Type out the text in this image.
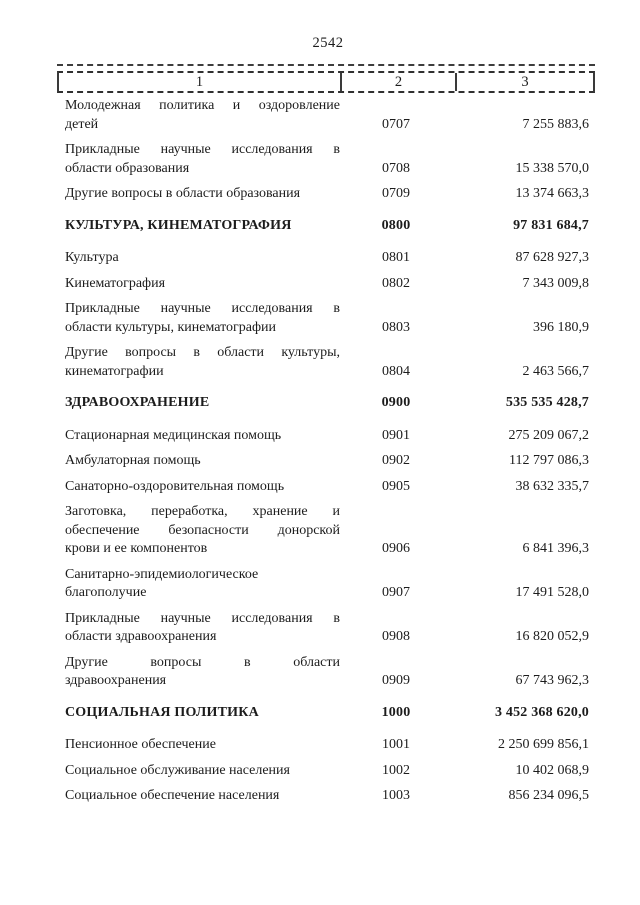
2542
1	2	3
Молодежная политика и оздоровление
детей	0707	7 255 883,6
Прикладные научные исследования в
области образования	0708	15 338 570,0
Другие вопросы в области образования	0709	13 374 663,3
КУЛЬТУРА, КИНЕМАТОГРАФИЯ	0800	97 831 684,7
Культура	0801	87 628 927,3
Кинематография	0802	7 343 009,8
Прикладные научные исследования в
области культуры, кинематографии	0803	396 180,9
Другие вопросы в области культуры,
кинематографии	0804	2 463 566,7
ЗДРАВООХРАНЕНИЕ	0900	535 535 428,7
Стационарная медицинская помощь	0901	275 209 067,2
Амбулаторная помощь	0902	112 797 086,3
Санаторно-оздоровительная помощь	0905	38 632 335,7
Заготовка, переработка, хранение и
обеспечение безопасности донорской
крови и ее компонентов	0906	6 841 396,3
Санитарно-эпидемиологическое
благополучие	0907	17 491 528,0
Прикладные научные исследования в
области здравоохранения	0908	16 820 052,9
Другие вопросы в области
здравоохранения	0909	67 743 962,3
СОЦИАЛЬНАЯ ПОЛИТИКА	1000	3 452 368 620,0
Пенсионное обеспечение	1001	2 250 699 856,1
Социальное обслуживание населения	1002	10 402 068,9
Социальное обеспечение населения	1003	856 234 096,5
